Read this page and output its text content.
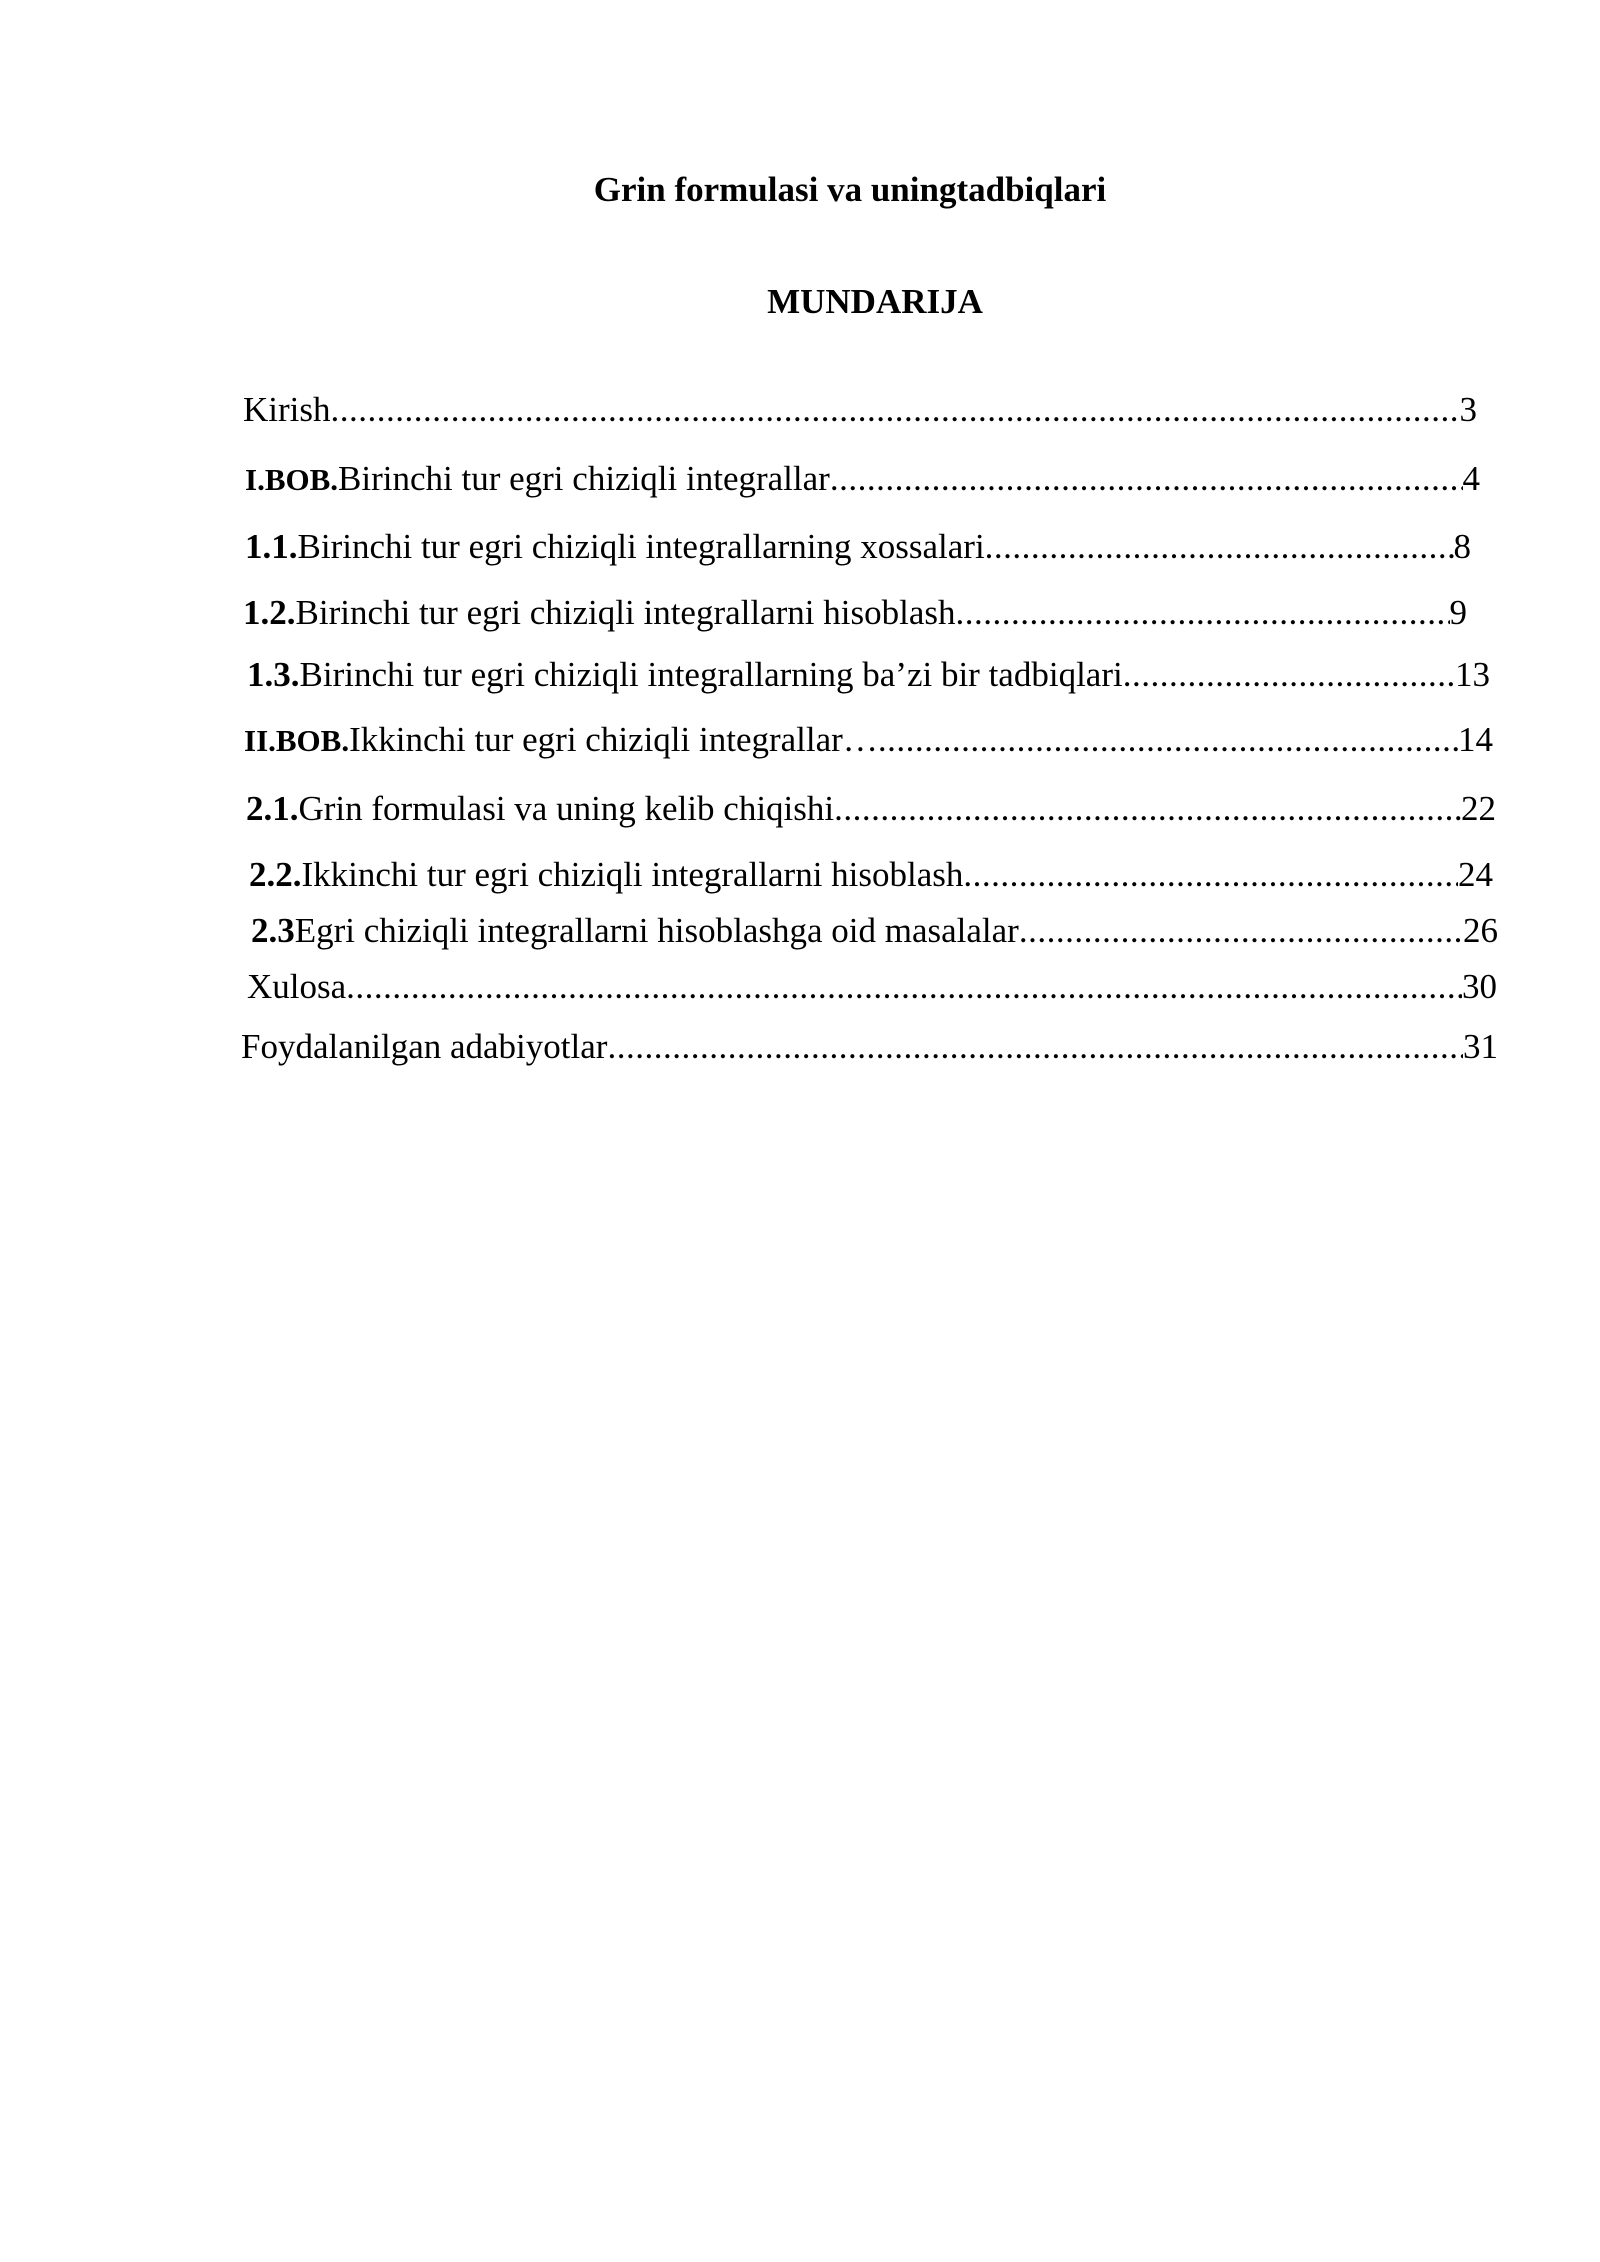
Grin formulasi va uningtadbiqlari
MUNDARIJA
Kirish .....	3
I.BOB. Birinchi tur egri chiziqli integrallar .....	4
1.1. Birinchi tur egri chiziqli integrallarning xossalari .....	8
1.2. Birinchi tur egri chiziqli integrallarni hisoblash .....	9
1.3. Birinchi tur egri chiziqli integrallarning ba’zi bir tadbiqlari .....	13
II.BOB. Ikkinchi tur egri chiziqli integrallar… .....	14
2.1. Grin formulasi va uning kelib chiqishi .....	22
2.2. Ikkinchi tur egri chiziqli integrallarni hisoblash .....	24
2.3 Egri chiziqli integrallarni hisoblashga oid masalalar .....	26
Xulosa .....	30
Foydalanilgan adabiyotlar .....	31
